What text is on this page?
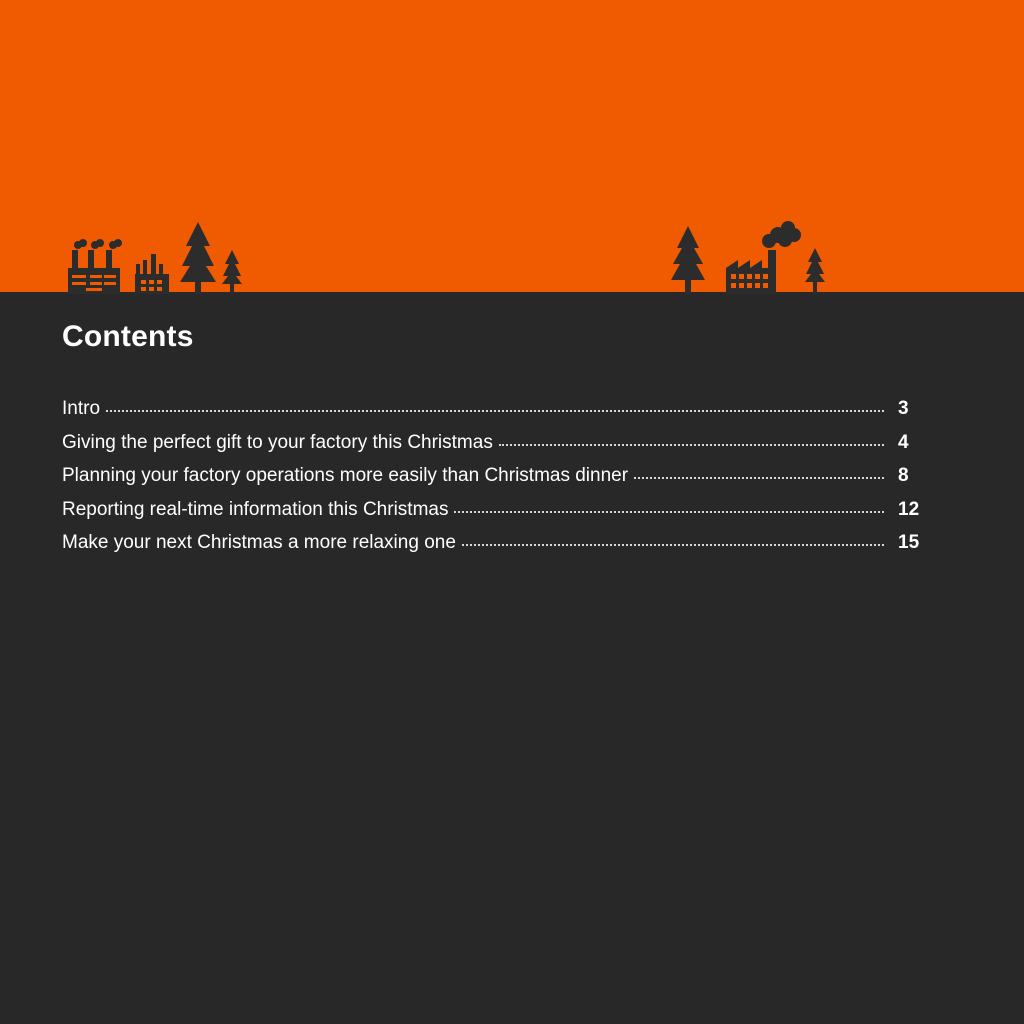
Contents
Intro	3
Giving the perfect gift to your factory this Christmas	4
Planning your factory operations more easily than Christmas dinner	8
Reporting real-time information this Christmas	12
Make your next Christmas a more relaxing one	15
